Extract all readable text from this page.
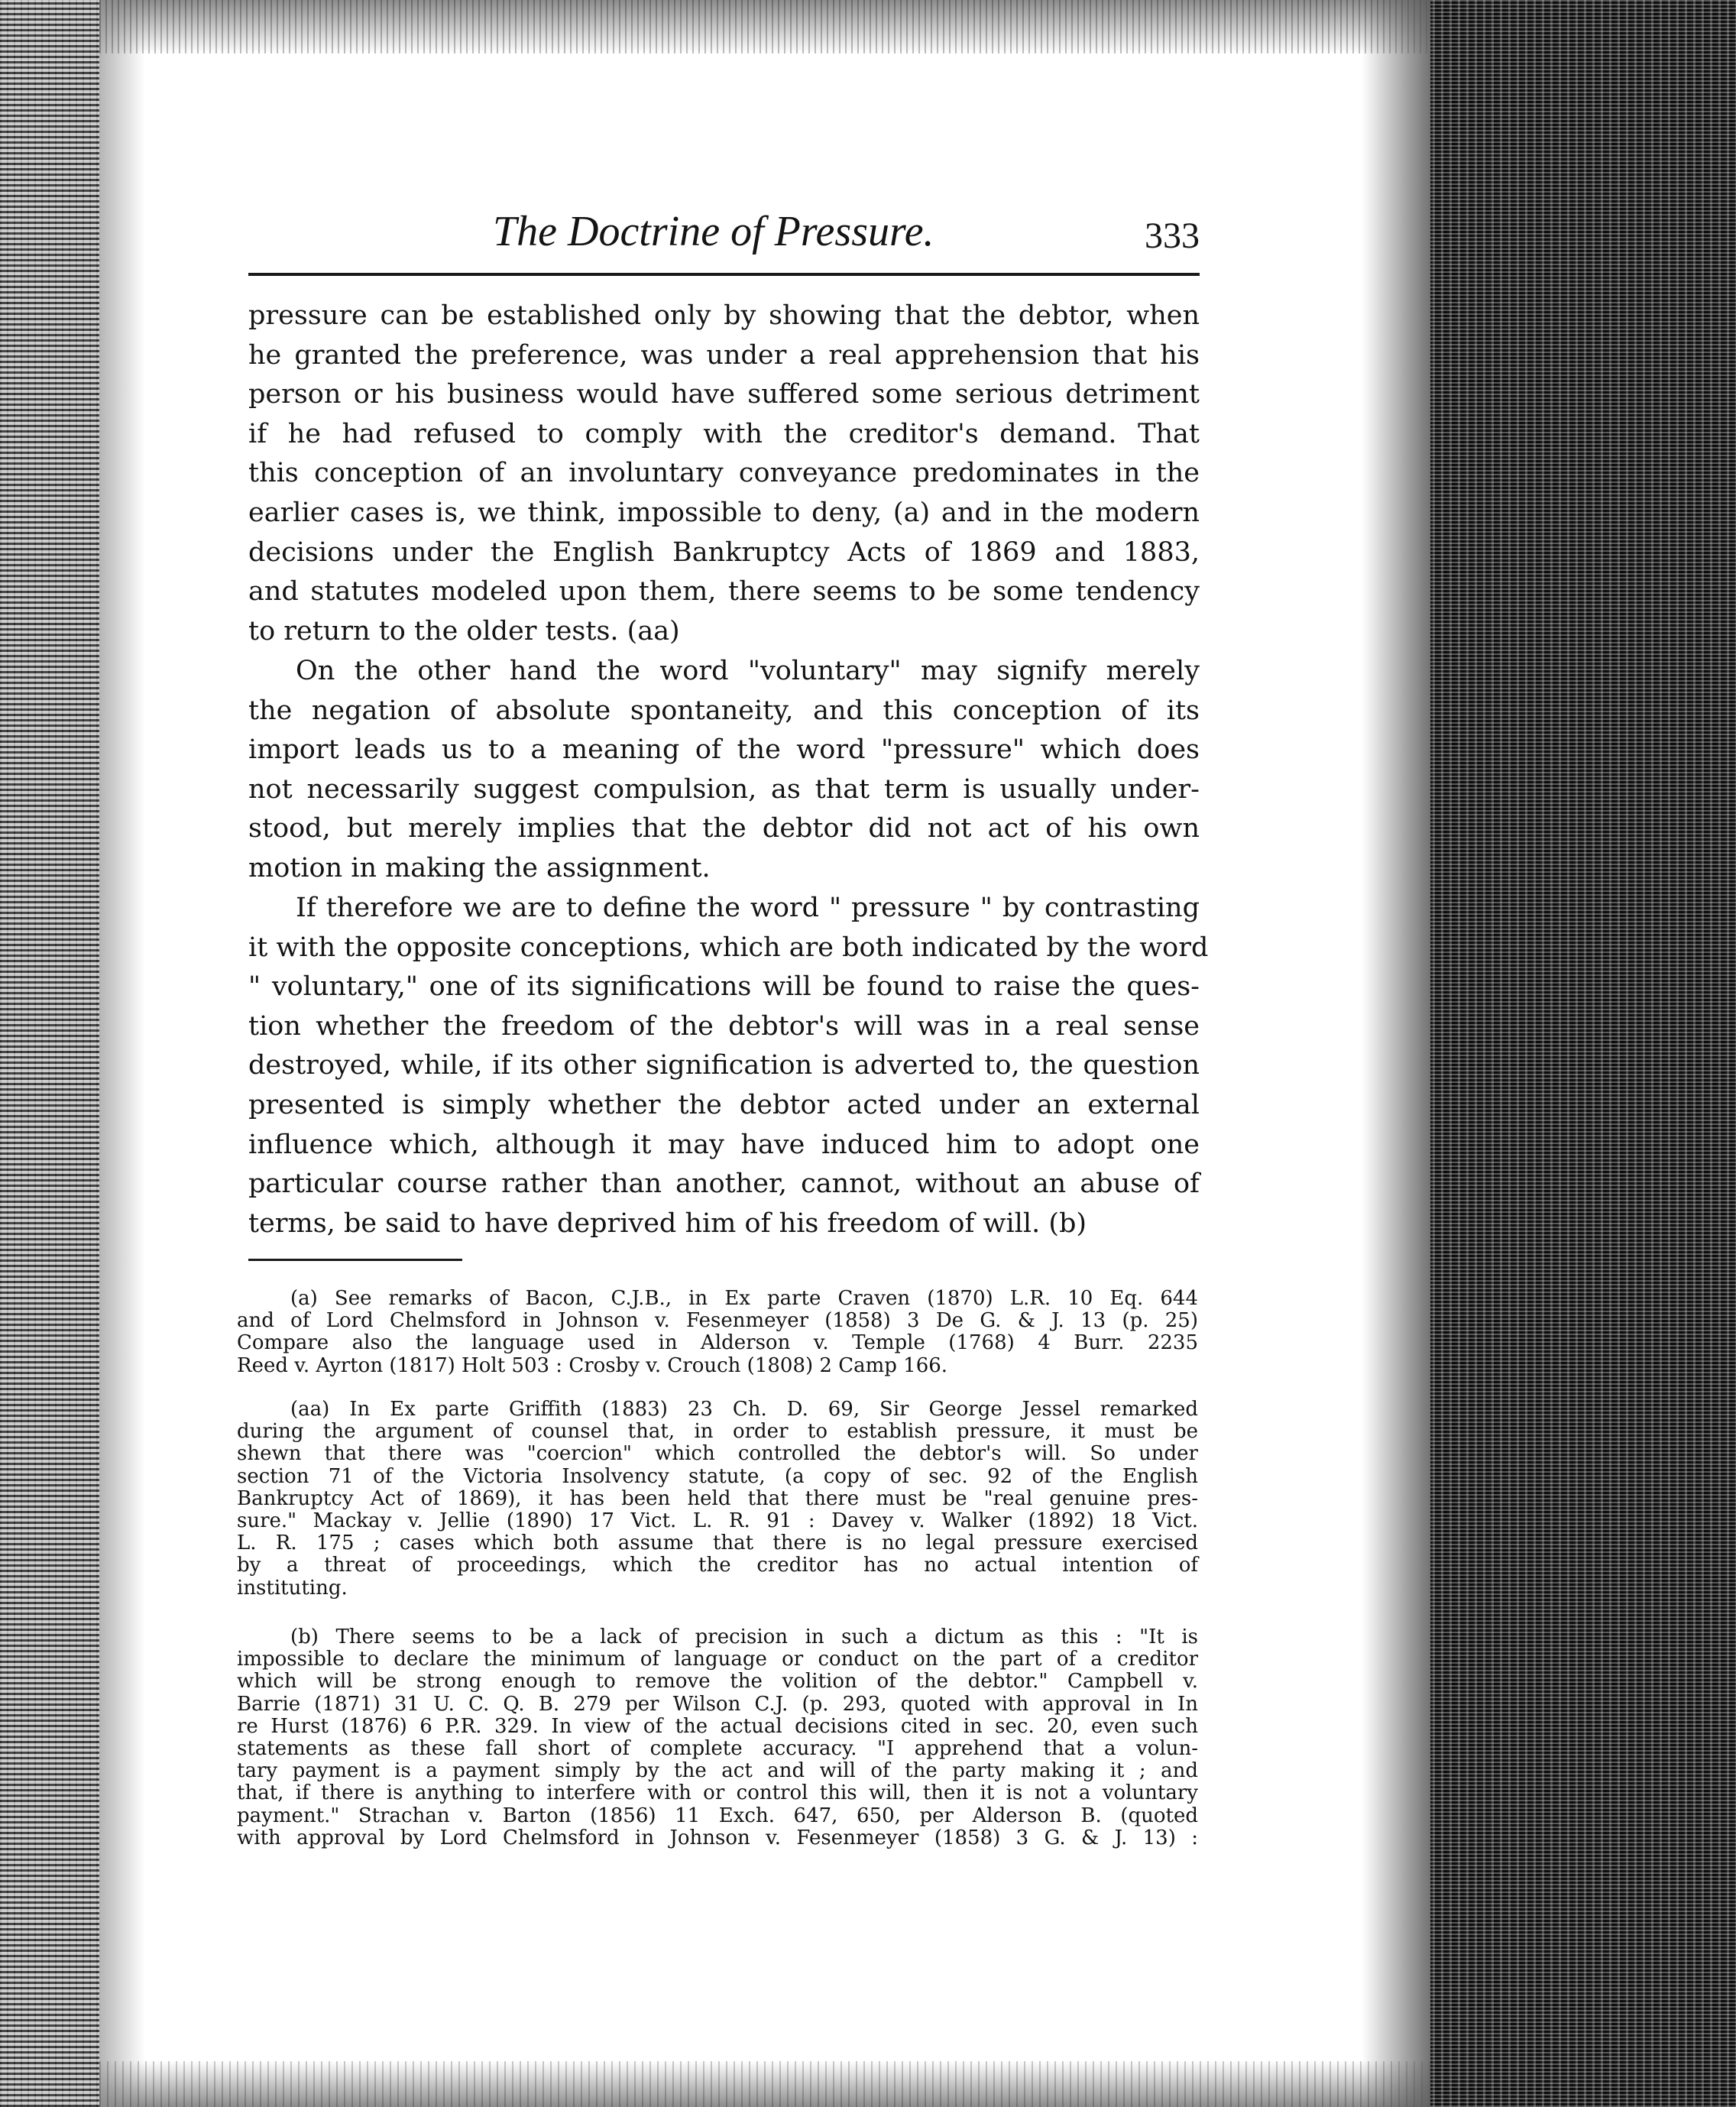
The Doctrine of Pressure.	333
pressure can be established only by showing that the debtor, when
he granted the preference, was under a real apprehension that his
person or his business would have suffered some serious detriment
if he had refused to comply with the creditor's demand. That
this conception of an involuntary conveyance predominates in the
earlier cases is, we think, impossible to deny, (a) and in the modern
decisions under the English Bankruptcy Acts of 1869 and 1883,
and statutes modeled upon them, there seems to be some tendency
to return to the older tests. (aa)
On the other hand the word "voluntary" may signify merely
the negation of absolute spontaneity, and this conception of its
import leads us to a meaning of the word "pressure" which does
not necessarily suggest compulsion, as that term is usually under-
stood, but merely implies that the debtor did not act of his own
motion in making the assignment.
If therefore we are to define the word " pressure " by contrasting
it with the opposite conceptions, which are both indicated by the word
" voluntary," one of its significations will be found to raise the ques-
tion whether the freedom of the debtor's will was in a real sense
destroyed, while, if its other signification is adverted to, the question
presented is simply whether the debtor acted under an external
influence which, although it may have induced him to adopt one
particular course rather than another, cannot, without an abuse of
terms, be said to have deprived him of his freedom of will. (b)
(a) See remarks of Bacon, C.J.B., in Ex parte Craven (1870) L.R. 10 Eq. 644
and of Lord Chelmsford in Johnson v. Fesenmeyer (1858) 3 De G. & J. 13 (p. 25)
Compare also the language used in Alderson v. Temple (1768) 4 Burr. 2235
Reed v. Ayrton (1817) Holt 503 : Crosby v. Crouch (1808) 2 Camp 166.
(aa) In Ex parte Griffith (1883) 23 Ch. D. 69, Sir George Jessel remarked
during the argument of counsel that, in order to establish pressure, it must be
shewn that there was "coercion" which controlled the debtor's will. So under
section 71 of the Victoria Insolvency statute, (a copy of sec. 92 of the English
Bankruptcy Act of 1869), it has been held that there must be "real genuine pres-
sure." Mackay v. Jellie (1890) 17 Vict. L. R. 91 : Davey v. Walker (1892) 18 Vict.
L. R. 175 ; cases which both assume that there is no legal pressure exercised
by a threat of proceedings, which the creditor has no actual intention of
instituting.
(b) There seems to be a lack of precision in such a dictum as this : "It is
impossible to declare the minimum of language or conduct on the part of a creditor
which will be strong enough to remove the volition of the debtor." Campbell v.
Barrie (1871) 31 U. C. Q. B. 279 per Wilson C.J. (p. 293, quoted with approval in In
re Hurst (1876) 6 P.R. 329. In view of the actual decisions cited in sec. 20, even such
statements as these fall short of complete accuracy. "I apprehend that a volun-
tary payment is a payment simply by the act and will of the party making it ; and
that, if there is anything to interfere with or control this will, then it is not a voluntary
payment." Strachan v. Barton (1856) 11 Exch. 647, 650, per Alderson B. (quoted
with approval by Lord Chelmsford in Johnson v. Fesenmeyer (1858) 3 G. & J. 13) :
